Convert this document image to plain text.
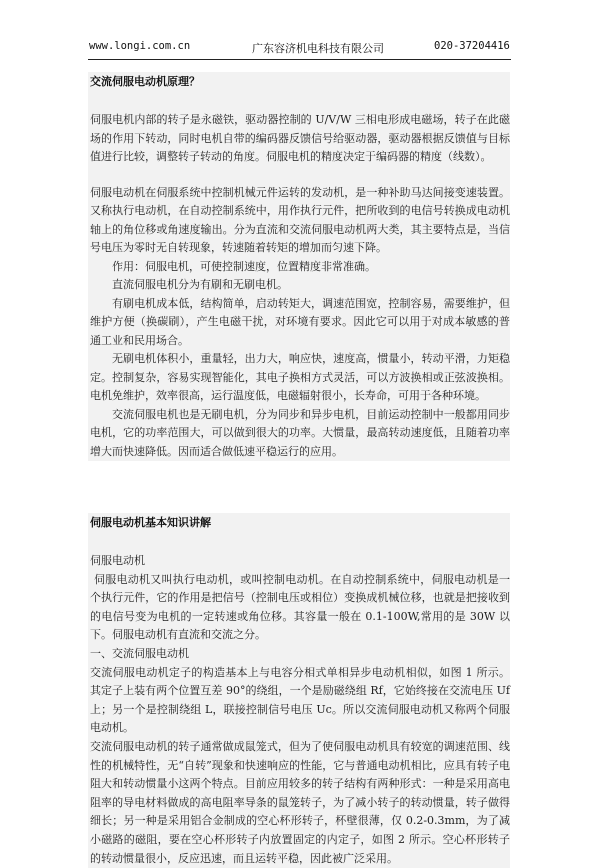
www.longi.com.cn	广东容济机电科技有限公司	020-37204416
交流伺服电动机原理？

伺服电机内部的转子是永磁铁，驱动器控制的 U/V/W 三相电形成电磁场，转子在此磁场的作用下转动，同时电机自带的编码器反馈信号给驱动器，驱动器根据反馈值与目标值进行比较，调整转子转动的角度。伺服电机的精度决定于编码器的精度（线数）。

伺服电动机在伺服系统中控制机械元件运转的发动机，是一种补助马达间接变速装置。又称执行电动机，在自动控制系统中，用作执行元件，把所收到的电信号转换成电动机轴上的角位移或角速度输出。分为直流和交流伺服电动机两大类，其主要特点是，当信号电压为零时无自转现象，转速随着转矩的增加而匀速下降。

作用：伺服电机，可使控制速度，位置精度非常准确。

直流伺服电机分为有刷和无刷电机。

有刷电机成本低，结构简单，启动转矩大，调速范围宽，控制容易，需要维护，但维护方便（换碳刷），产生电磁干扰，对环境有要求。因此它可以用于对成本敏感的普通工业和民用场合。

无刷电机体积小，重量轻，出力大，响应快，速度高，惯量小，转动平滑，力矩稳定。控制复杂，容易实现智能化，其电子换相方式灵活，可以方波换相或正弦波换相。电机免维护，效率很高，运行温度低，电磁辐射很小，长寿命，可用于各种环境。

交流伺服电机也是无刷电机，分为同步和异步电机，目前运动控制中一般都用同步电机，它的功率范围大，可以做到很大的功率。大惯量，最高转动速度低，且随着功率增大而快速降低。因而适合做低速平稳运行的应用。

伺服电动机基本知识讲解

伺服电动机

伺服电动机又叫执行电动机，或叫控制电动机。在自动控制系统中，伺服电动机是一个执行元件，它的作用是把信号（控制电压或相位）变换成机械位移，也就是把接收到的电信号变为电机的一定转速或角位移。其容量一般在 0.1-100W,常用的是 30W 以下。伺服电动机有直流和交流之分。

一、交流伺服电动机

交流伺服电动机定子的构造基本上与电容分相式单相异步电动机相似，如图 1 所示。其定子上装有两个位置互差 90°的绕组，一个是励磁绕组 Rf，它始终接在交流电压 Uf 上；另一个是控制绕组 L，联接控制信号电压 Uc。所以交流伺服电动机又称两个伺服电动机。

交流伺服电动机的转子通常做成鼠笼式，但为了使伺服电动机具有较宽的调速范围、线性的机械特性，无“自转”现象和快速响应的性能，它与普通电动机相比，应具有转子电阻大和转动惯量小这两个特点。目前应用较多的转子结构有两种形式：一种是采用高电阻率的导电材料做成的高电阻率导条的鼠笼转子，为了减小转子的转动惯量，转子做得细长；另一种是采用铝合金制成的空心杯形转子，杯壁很薄，仅 0.2-0.3mm，为了减小磁路的磁阻，要在空心杯形转子内放置固定的内定子，如图 2 所示。空心杯形转子的转动惯量很小，反应迅速，而且运转平稳，因此被广泛采用。
